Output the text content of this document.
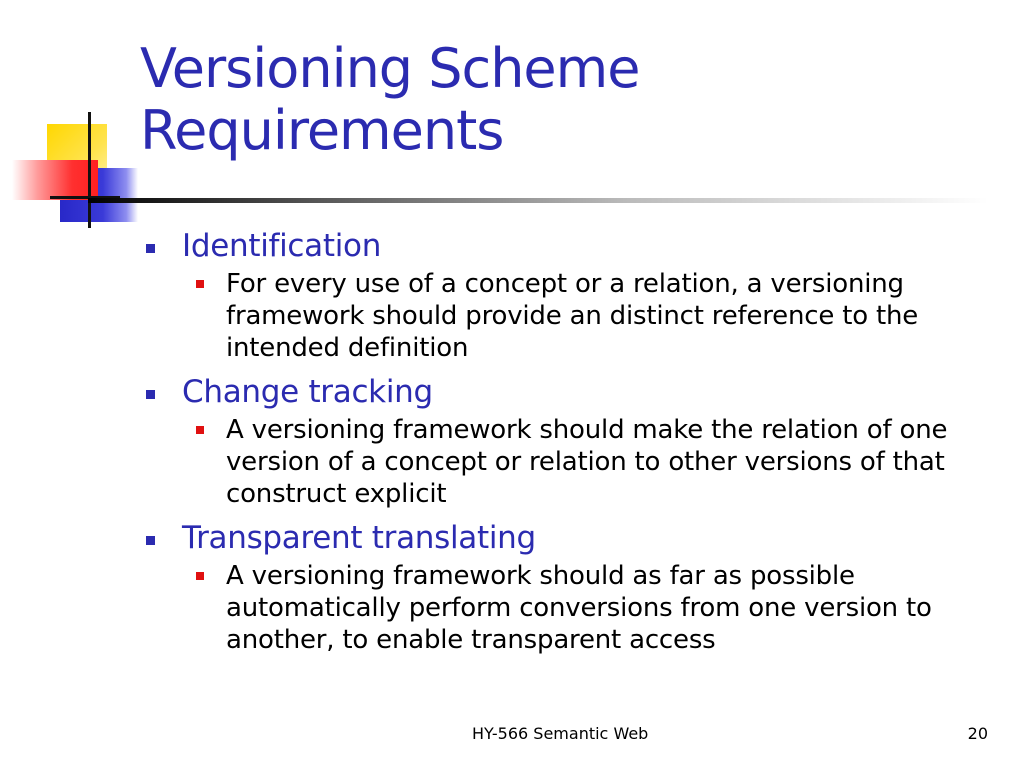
Versioning Scheme
Requirements
Identification
For every use of a concept or a relation, a versioning framework should provide an distinct reference to the intended definition
Change tracking
A versioning framework should make the relation of one version of a concept or relation to other versions of that construct explicit
Transparent translating
A versioning framework should as far as possible automatically perform conversions from one version to another, to enable transparent access
HY-566 Semantic Web	20
